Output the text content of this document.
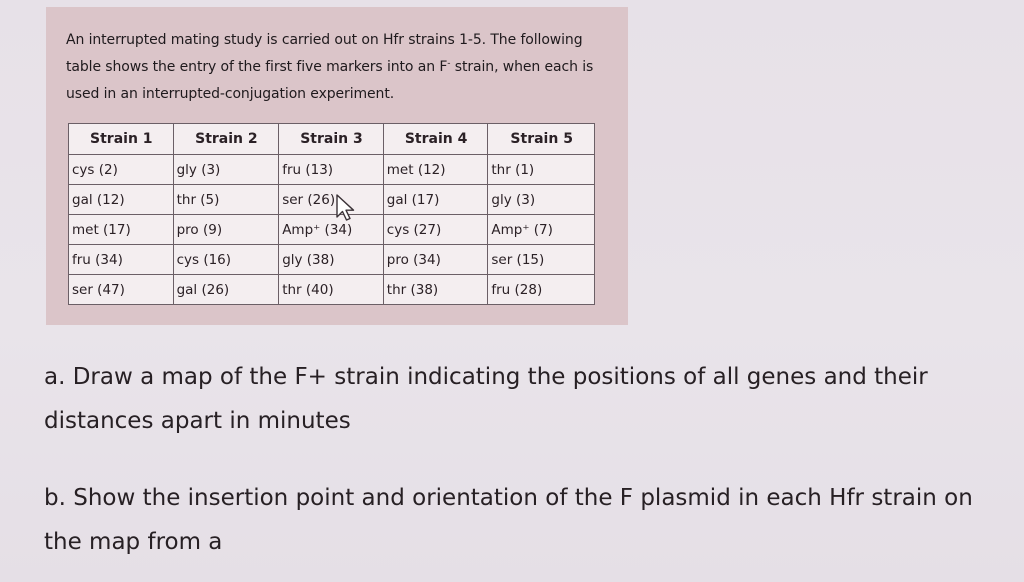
An interrupted mating study is carried out on Hfr strains 1-5. The following table shows the entry of the first five markers into an F- strain, when each is used in an interrupted-conjugation experiment.
Strain 1	Strain 2	Strain 3	Strain 4	Strain 5
cys (2)	gly (3)	fru (13)	met (12)	thr (1)
gal (12)	thr (5)	ser (26)	gal (17)	gly (3)
met (17)	pro (9)	Amp⁺ (34)	cys (27)	Amp⁺ (7)
fru (34)	cys (16)	gly (38)	pro (34)	ser (15)
ser (47)	gal (26)	thr (40)	thr (38)	fru (28)
a. Draw a map of the F+ strain indicating the positions of all genes and their distances apart in minutes
b. Show the insertion point and orientation of the F plasmid in each Hfr strain on the map from a
